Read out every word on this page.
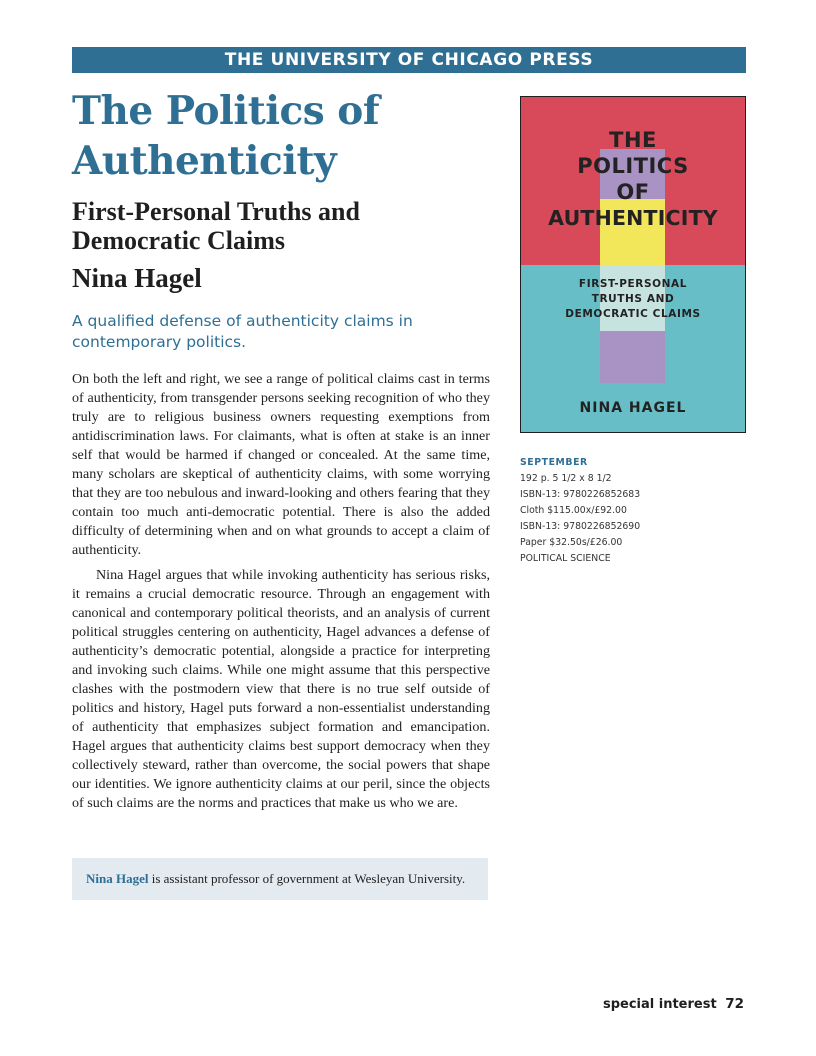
THE UNIVERSITY OF CHICAGO PRESS
The Politics of Authenticity
First-Personal Truths and Democratic Claims
Nina Hagel
A qualified defense of authenticity claims in contemporary politics.

On both the left and right, we see a range of political claims cast in terms of authenticity, from transgender persons seeking recognition of who they truly are to religious business owners requesting exemptions from antidiscrimination laws. For claimants, what is often at stake is an inner self that would be harmed if changed or concealed. At the same time, many scholars are skeptical of authenticity claims, with some worrying that they are too nebulous and inward-looking and others fearing that they contain too much anti-democratic potential. There is also the added difficulty of determining when and on what grounds to accept a claim of authenticity.

Nina Hagel argues that while invoking authenticity has serious risks, it remains a crucial democratic resource. Through an engagement with canonical and contemporary political theorists, and an analysis of current political struggles centering on authenticity, Hagel advances a defense of authenticity’s democratic potential, alongside a practice for interpreting and invoking such claims. While one might assume that this perspective clashes with the postmodern view that there is no true self outside of politics and history, Hagel puts forward a non-essentialist understanding of authenticity that emphasizes subject formation and emancipation. Hagel argues that authenticity claims best support democracy when they collectively steward, rather than overcome, the social powers that shape our identities. We ignore authenticity claims at our peril, since the objects of such claims are the norms and practices that make us who we are.

Nina Hagel is assistant professor of government at Wesleyan University.
THE
POLITICS
OF
AUTHENTICITY
FIRST-PERSONAL
TRUTHS AND
DEMOCRATIC CLAIMS
NINA HAGEL
SEPTEMBER
192 p. 5 1/2 x 8 1/2
ISBN-13: 9780226852683
Cloth $115.00x/£92.00
ISBN-13: 9780226852690
Paper $32.50s/£26.00
POLITICAL SCIENCE
special interest 72
